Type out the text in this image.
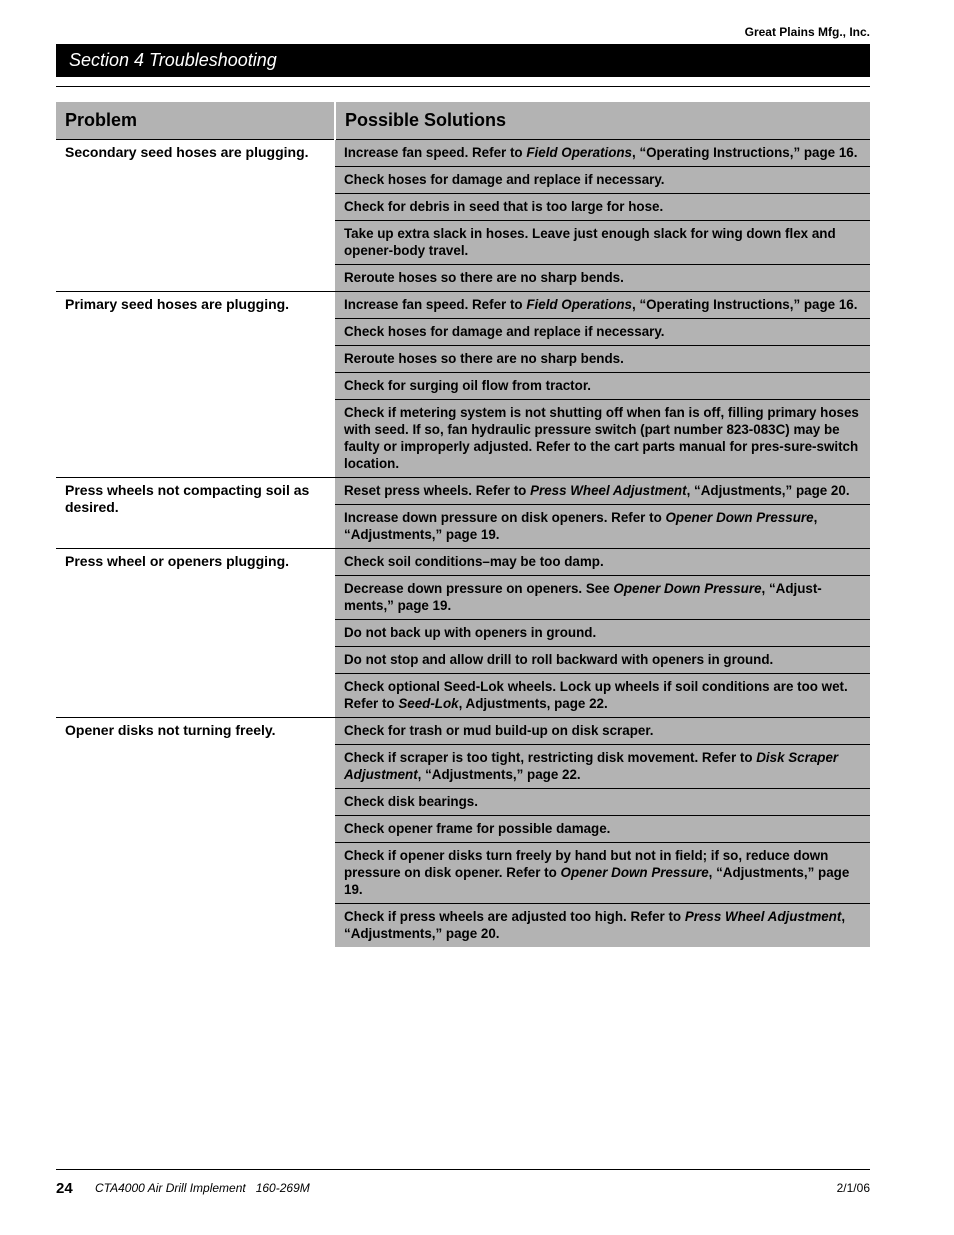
Great Plains Mfg., Inc.
Section 4 Troubleshooting
Problem	Possible Solutions
Secondary seed hoses are plugging.	Increase fan speed. Refer to Field Operations, “Operating Instructions,” page 16.
	Check hoses for damage and replace if necessary.
	Check for debris in seed that is too large for hose.
	Take up extra slack in hoses. Leave just enough slack for wing down flex and opener-body travel.
	Reroute hoses so there are no sharp bends.
Primary seed hoses are plugging.	Increase fan speed. Refer to Field Operations, “Operating Instructions,” page 16.
	Check hoses for damage and replace if necessary.
	Reroute hoses so there are no sharp bends.
	Check for surging oil flow from tractor.
	Check if metering system is not shutting off when fan is off, filling primary hoses with seed. If so, fan hydraulic pressure switch (part number 823-083C) may be faulty or improperly adjusted. Refer to the cart parts manual for pres-sure-switch location.
Press wheels not compacting soil as desired.	Reset press wheels. Refer to Press Wheel Adjustment, “Adjustments,” page 20.
	Increase down pressure on disk openers. Refer to Opener Down Pressure, “Adjustments,” page 19.
Press wheel or openers plugging.	Check soil conditions–may be too damp.
	Decrease down pressure on openers. See Opener Down Pressure, “Adjust-ments,” page 19.
	Do not back up with openers in ground.
	Do not stop and allow drill to roll backward with openers in ground.
	Check optional Seed-Lok wheels. Lock up wheels if soil conditions are too wet. Refer to Seed-Lok, Adjustments, page 22.
Opener disks not turning freely.	Check for trash or mud build-up on disk scraper.
	Check if scraper is too tight, restricting disk movement. Refer to Disk Scraper Adjustment, “Adjustments,” page 22.
	Check disk bearings.
	Check opener frame for possible damage.
	Check if opener disks turn freely by hand but not in field; if so, reduce down pressure on disk opener. Refer to Opener Down Pressure, “Adjustments,” page 19.
	Check if press wheels are adjusted too high. Refer to Press Wheel Adjustment, “Adjustments,” page 20.
24 CTA4000 Air Drill Implement   160-269M	2/1/06
